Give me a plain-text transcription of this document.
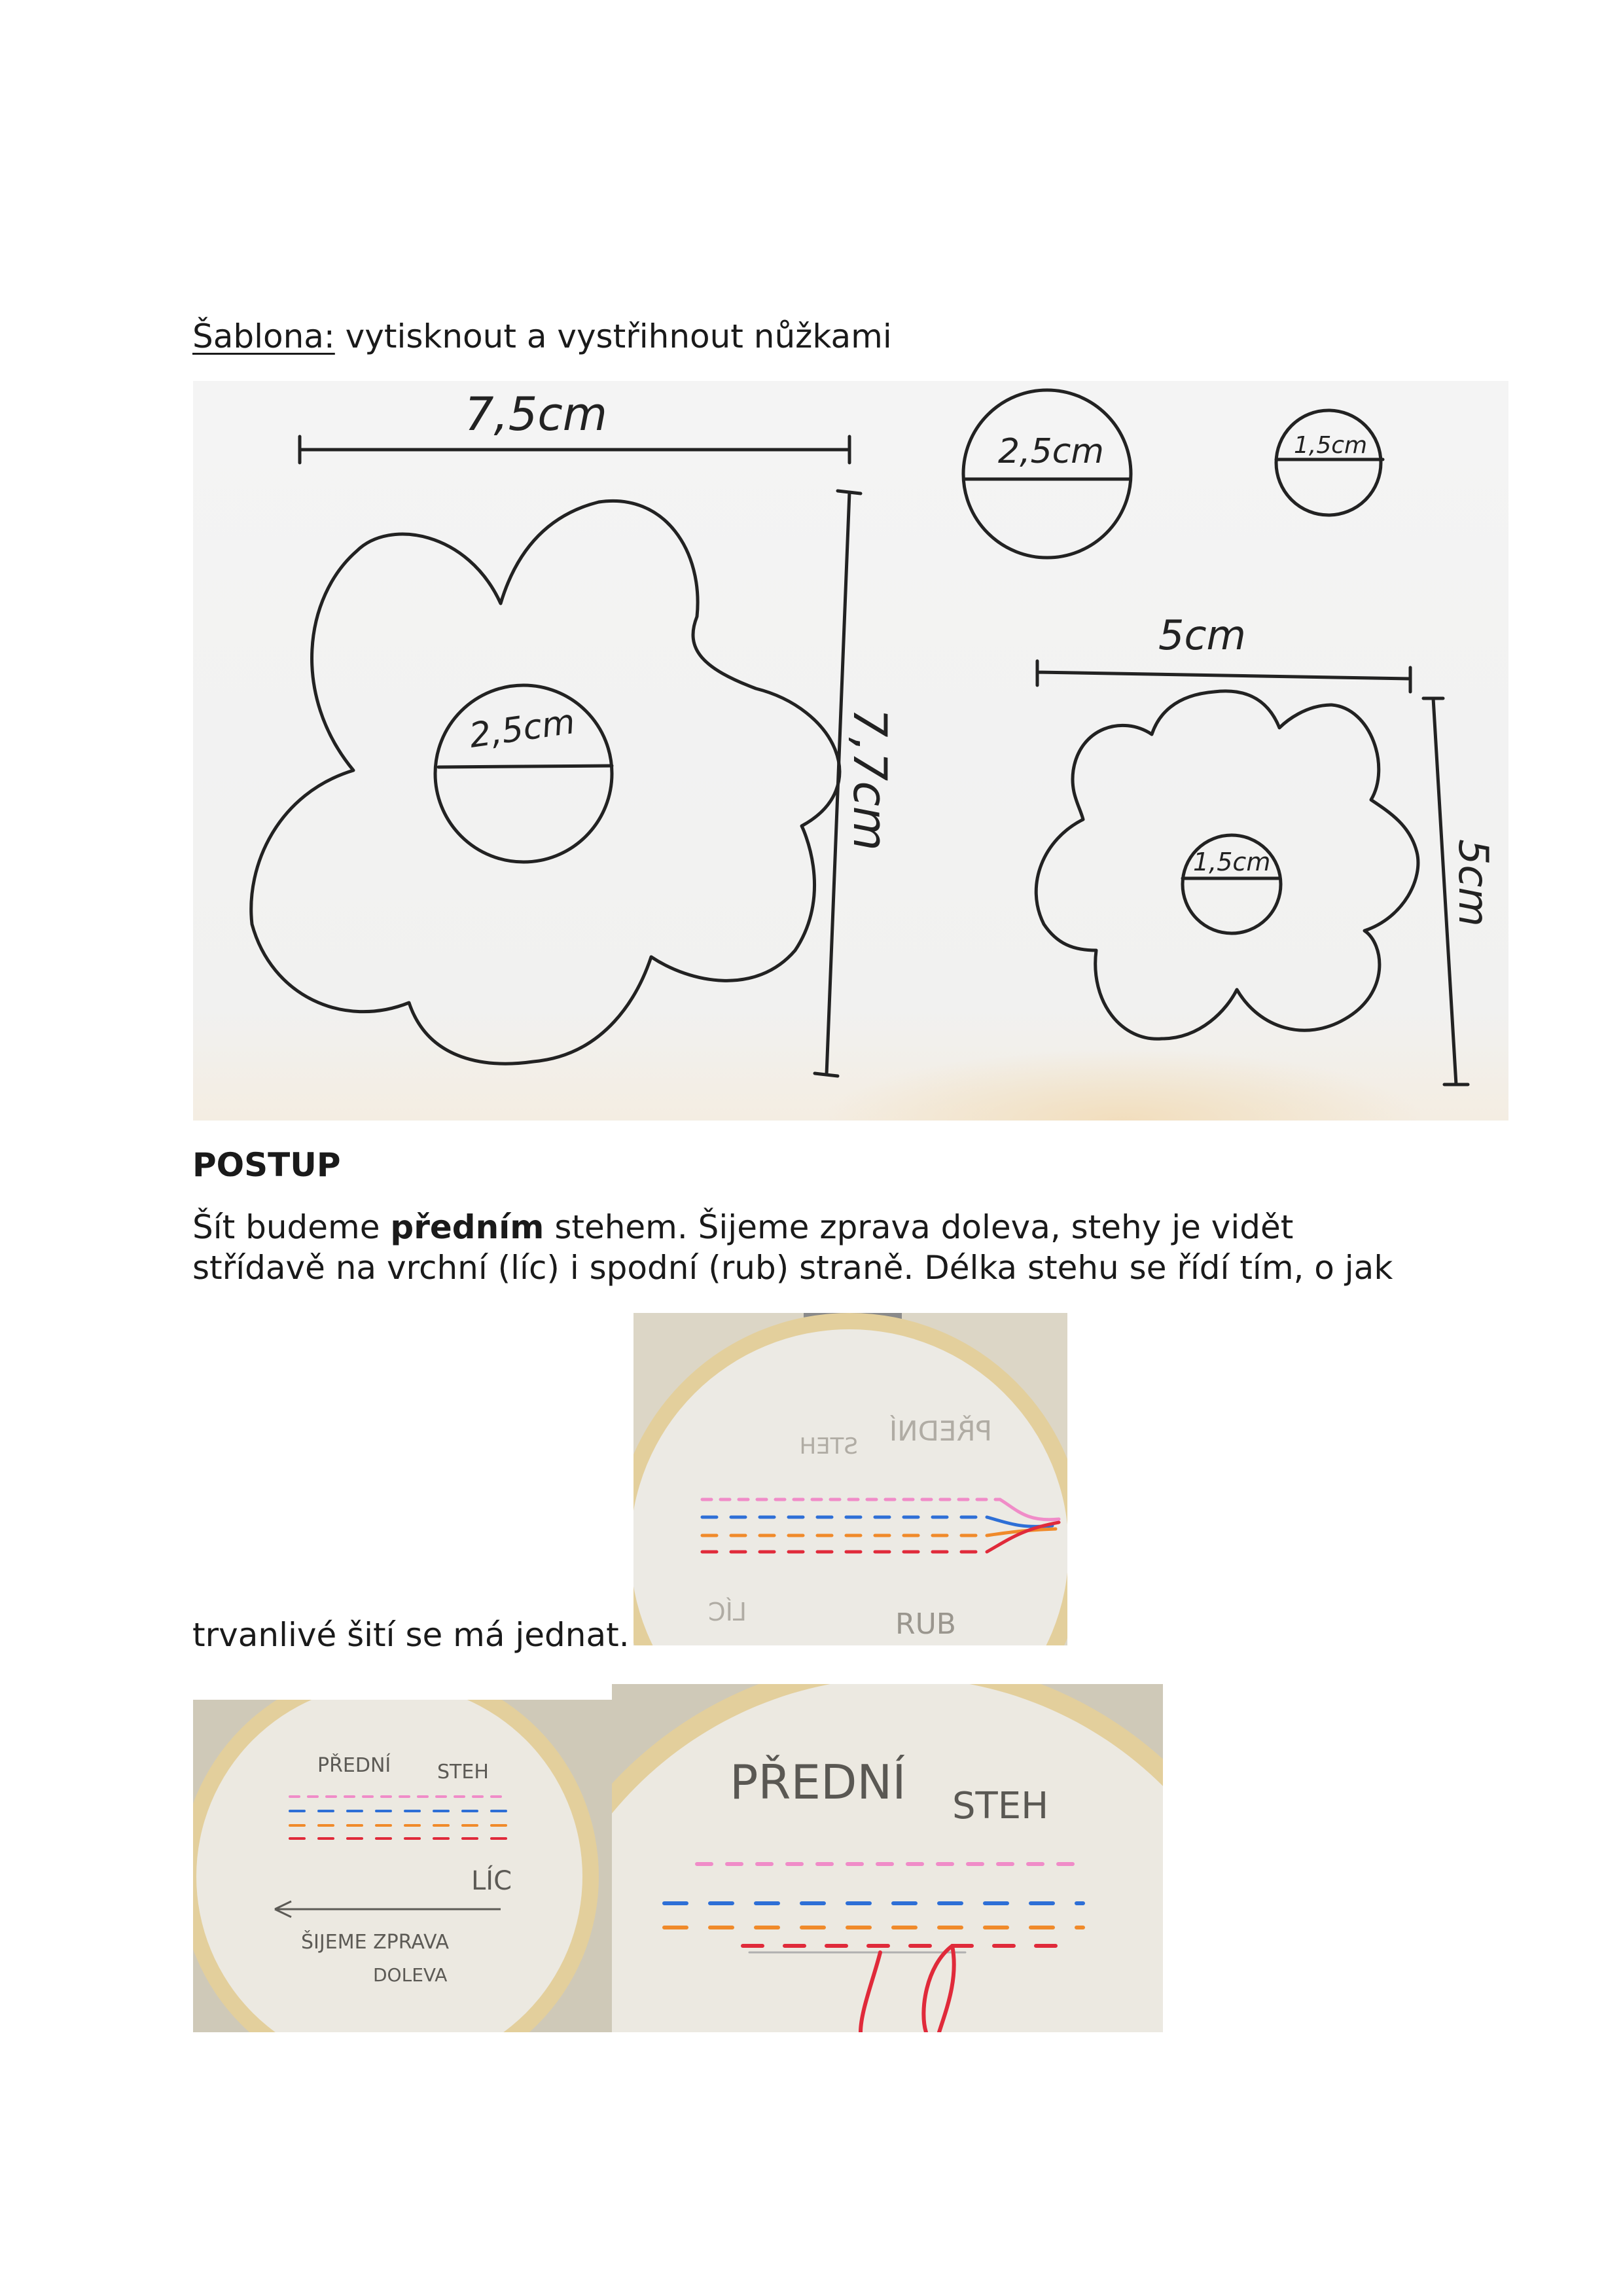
Šablona: vytisknout a vystřihnout nůžkami
7,5cm
7,7cm
2,5cm
2,5cm	1,5cm
5cm
5cm
1,5cm
POSTUP
Šít budeme předním stehem. Šijeme zprava doleva, stehy je vidět
střídavě na vrchní (líc) i spodní (rub) straně. Délka stehu se řídí tím, o jak
trvanlivé šití se má jednat.
PŘEDNÍ
STEH
LÍC	RUB
PŘEDNÍ STEH
LÍC
ŠIJEME ZPRAVA
DOLEVA
PŘEDNÍ STEH
